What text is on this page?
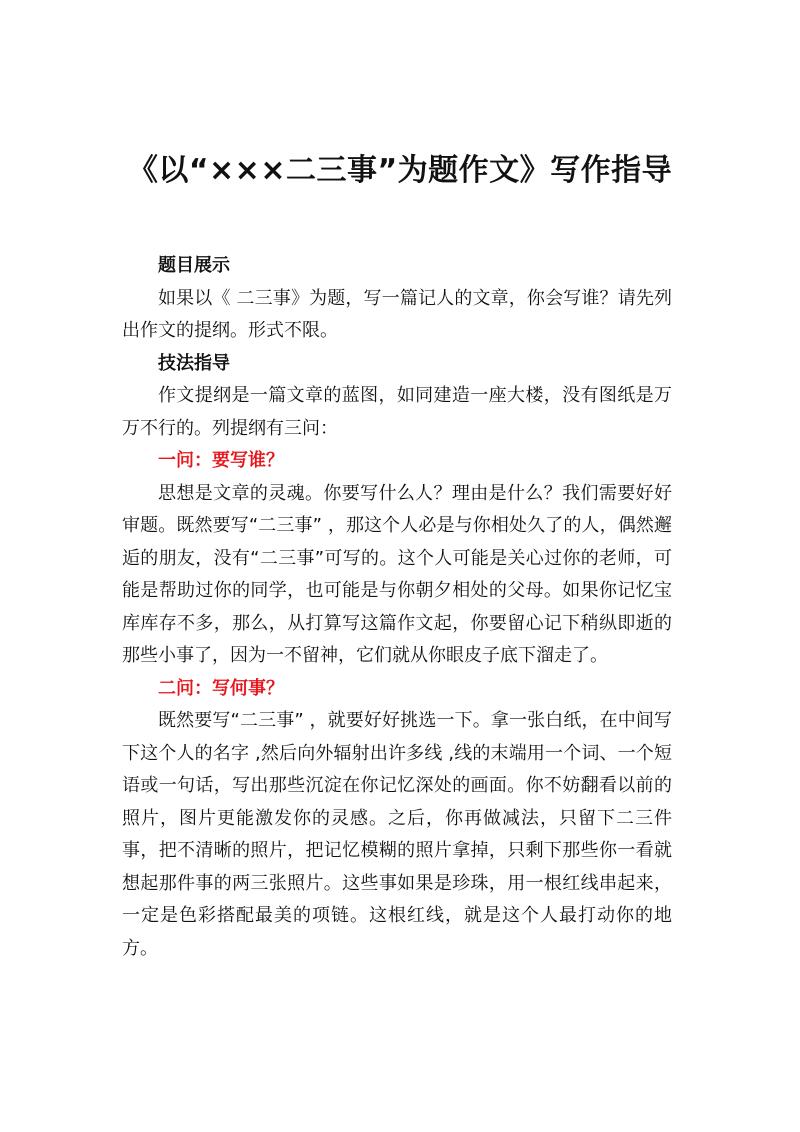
《以“×××二三事”为题作文》写作指导

题目展示

如果以《 二三事》为题，写一篇记人的文章，你会写谁？请先列出作文的提纲。形式不限。

技法指导

作文提纲是一篇文章的蓝图，如同建造一座大楼，没有图纸是万万不行的。列提纲有三问：

一问：要写谁？

思想是文章的灵魂。你要写什么人？理由是什么？我们需要好好审题。既然要写“二三事” ，那这个人必是与你相处久了的人，偶然邂逅的朋友，没有“二三事”可写的。这个人可能是关心过你的老师，可能是帮助过你的同学，也可能是与你朝夕相处的父母。如果你记忆宝库库存不多，那么，从打算写这篇作文起，你要留心记下稍纵即逝的那些小事了，因为一不留神，它们就从你眼皮子底下溜走了。

二问：写何事？

既然要写“二三事” ，就要好好挑选一下。拿一张白纸，在中间写下这个人的名字 ,然后向外辐射出许多线 ,线的末端用一个词、一个短语或一句话，写出那些沉淀在你记忆深处的画面。你不妨翻看以前的照片，图片更能激发你的灵感。之后，你再做减法，只留下二三件事，把不清晰的照片，把记忆模糊的照片拿掉，只剩下那些你一看就想起那件事的两三张照片。这些事如果是珍珠，用一根红线串起来，一定是色彩搭配最美的项链。这根红线，就是这个人最打动你的地方。
